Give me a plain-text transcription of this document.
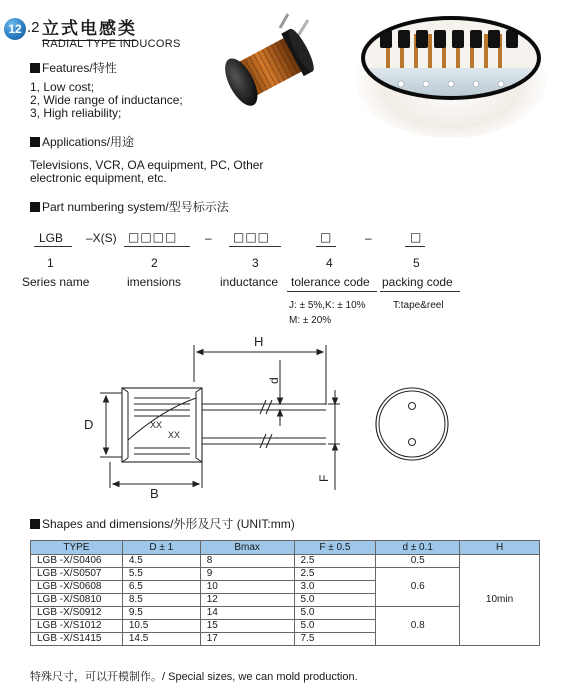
12 .2 立式电感类
RADIAL TYPE INDUCORS
Features/特性
1, Low cost;
2, Wide range of inductance;
3, High reliability;
Applications/用途
Televisions, VCR, OA equipment, PC, Other
electronic equipment, etc.
Part numbering system/型号标示法
LGB –X(S) □□□□ – □□□	□	–	□
1	2	3	4	5
Series name	imensions	inductance tolerance code packing code
J: ± 5%,K: ± 10%
M: ± 20%
T:tape&reel
XX
XX
H
D
d
B
F
Shapes and dimensions/外形及尺寸 (UNIT:mm)
TYPE	D ± 1	Bmax	F ± 0.5	d ± 0.1	H
LGB -X/S0406	4.5	8	2.5	0.5	10min
LGB -X/S0507	5.5	9	2.5	0.6	
LGB -X/S0608	6.5	10	3.0		
LGB -X/S0810	8.5	12	5.0		
LGB -X/S0912	9.5	14	5.0	0.8	
LGB -X/S1012	10.5	15	5.0		
LGB -X/S1415	14.5	17	7.5		
特殊尺寸，可以开模制作。/ Special sizes, we can mold production.
